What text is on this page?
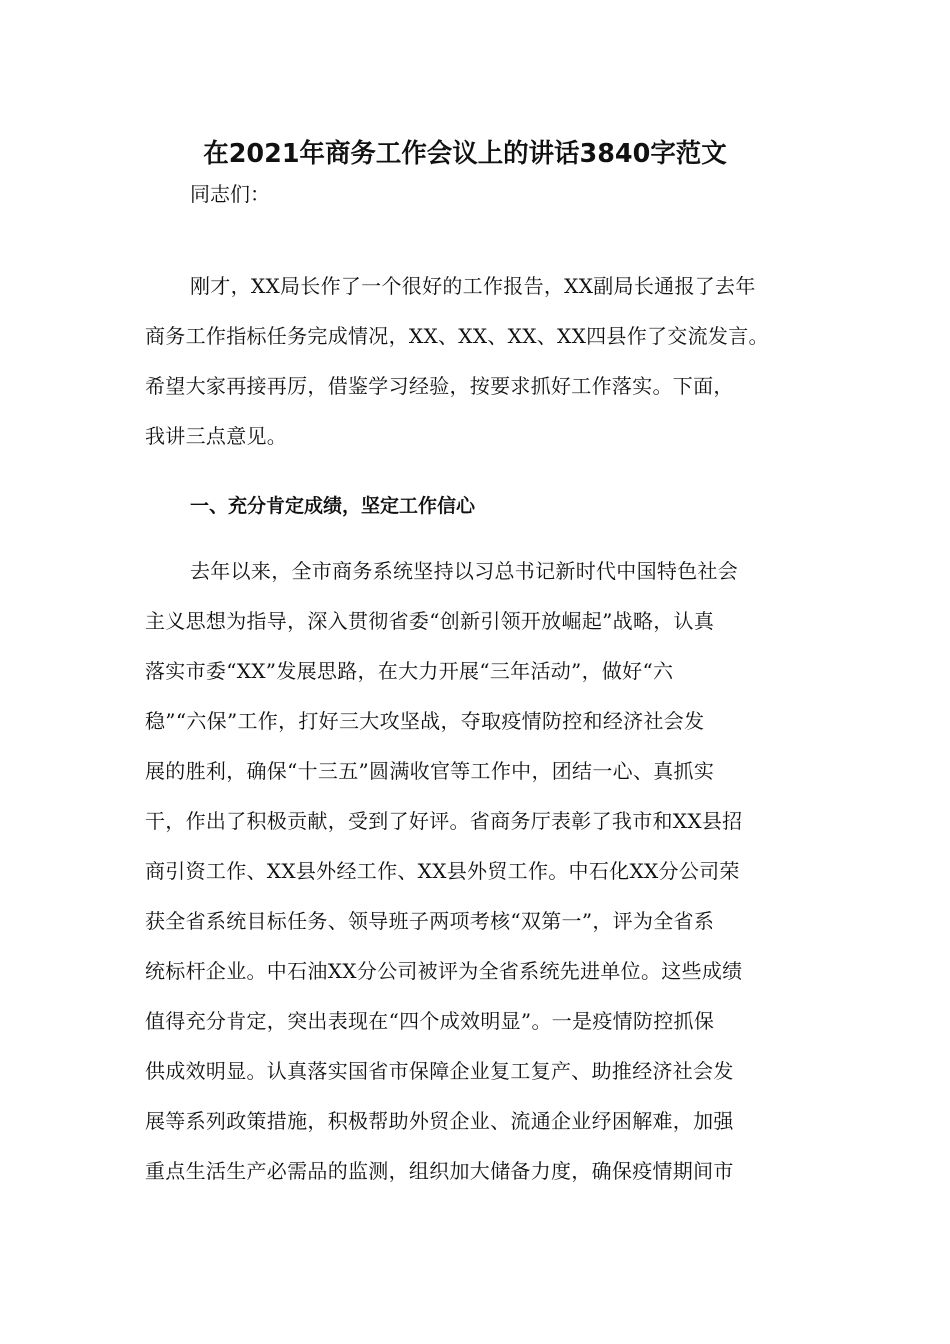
在2021年商务工作会议上的讲话3840字范文
同志们：
刚才，XX局长作了一个很好的工作报告，XX副局长通报了去年
商务工作指标任务完成情况，XX、XX、XX、XX四县作了交流发言。
希望大家再接再厉，借鉴学习经验，按要求抓好工作落实。下面，
我讲三点意见。
一、充分肯定成绩，坚定工作信心
去年以来，全市商务系统坚持以习总书记新时代中国特色社会
主义思想为指导，深入贯彻省委“创新引领开放崛起”战略，认真
落实市委“XX”发展思路，在大力开展“三年活动”，做好“六
稳”“六保”工作，打好三大攻坚战，夺取疫情防控和经济社会发
展的胜利，确保“十三五”圆满收官等工作中，团结一心、真抓实
干，作出了积极贡献，受到了好评。省商务厅表彰了我市和XX县招
商引资工作、XX县外经工作、XX县外贸工作。中石化XX分公司荣
获全省系统目标任务、领导班子两项考核“双第一”，评为全省系
统标杆企业。中石油XX分公司被评为全省系统先进单位。这些成绩
值得充分肯定，突出表现在“四个成效明显”。一是疫情防控抓保
供成效明显。认真落实国省市保障企业复工复产、助推经济社会发
展等系列政策措施，积极帮助外贸企业、流通企业纾困解难，加强
重点生活生产必需品的监测，组织加大储备力度，确保疫情期间市
